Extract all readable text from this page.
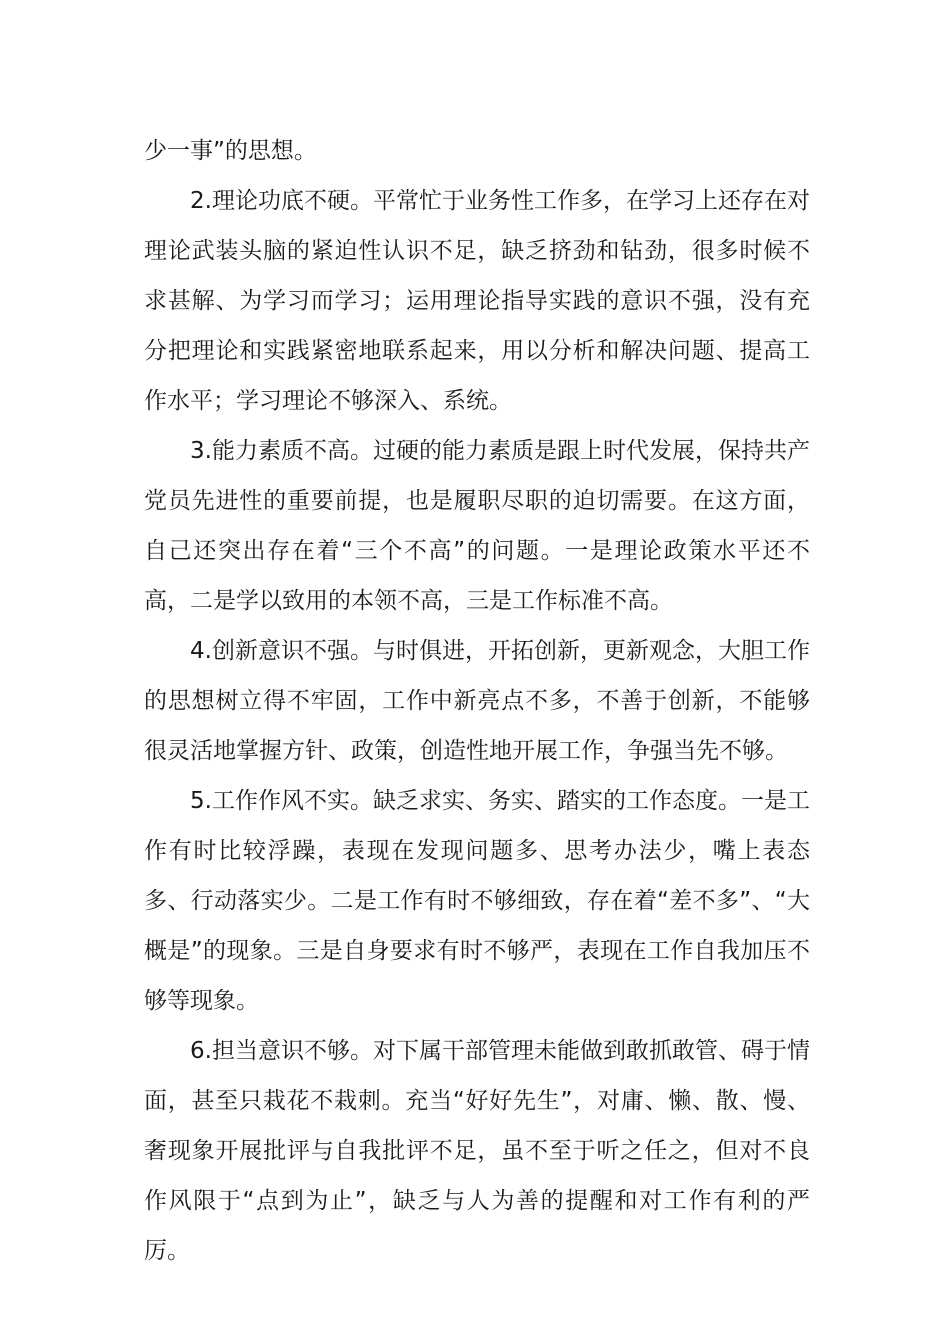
少一事”的思想。

2.理论功底不硬。平常忙于业务性工作多，在学习上还存在对理论武装头脑的紧迫性认识不足，缺乏挤劲和钻劲，很多时候不求甚解、为学习而学习；运用理论指导实践的意识不强，没有充分把理论和实践紧密地联系起来，用以分析和解决问题、提高工作水平；学习理论不够深入、系统。

3.能力素质不高。过硬的能力素质是跟上时代发展，保持共产党员先进性的重要前提，也是履职尽职的迫切需要。在这方面，自己还突出存在着“三个不高”的问题。一是理论政策水平还不高，二是学以致用的本领不高，三是工作标准不高。

4.创新意识不强。与时俱进，开拓创新，更新观念，大胆工作的思想树立得不牢固，工作中新亮点不多，不善于创新，不能够很灵活地掌握方针、政策，创造性地开展工作，争强当先不够。

5.工作作风不实。缺乏求实、务实、踏实的工作态度。一是工作有时比较浮躁，表现在发现问题多、思考办法少，嘴上表态多、行动落实少。二是工作有时不够细致，存在着“差不多”、“大概是”的现象。三是自身要求有时不够严，表现在工作自我加压不够等现象。

6.担当意识不够。对下属干部管理未能做到敢抓敢管、碍于情面，甚至只栽花不栽刺。充当“好好先生”，对庸、懒、散、慢、奢现象开展批评与自我批评不足，虽不至于听之任之，但对不良作风限于“点到为止”，缺乏与人为善的提醒和对工作有利的严厉。
